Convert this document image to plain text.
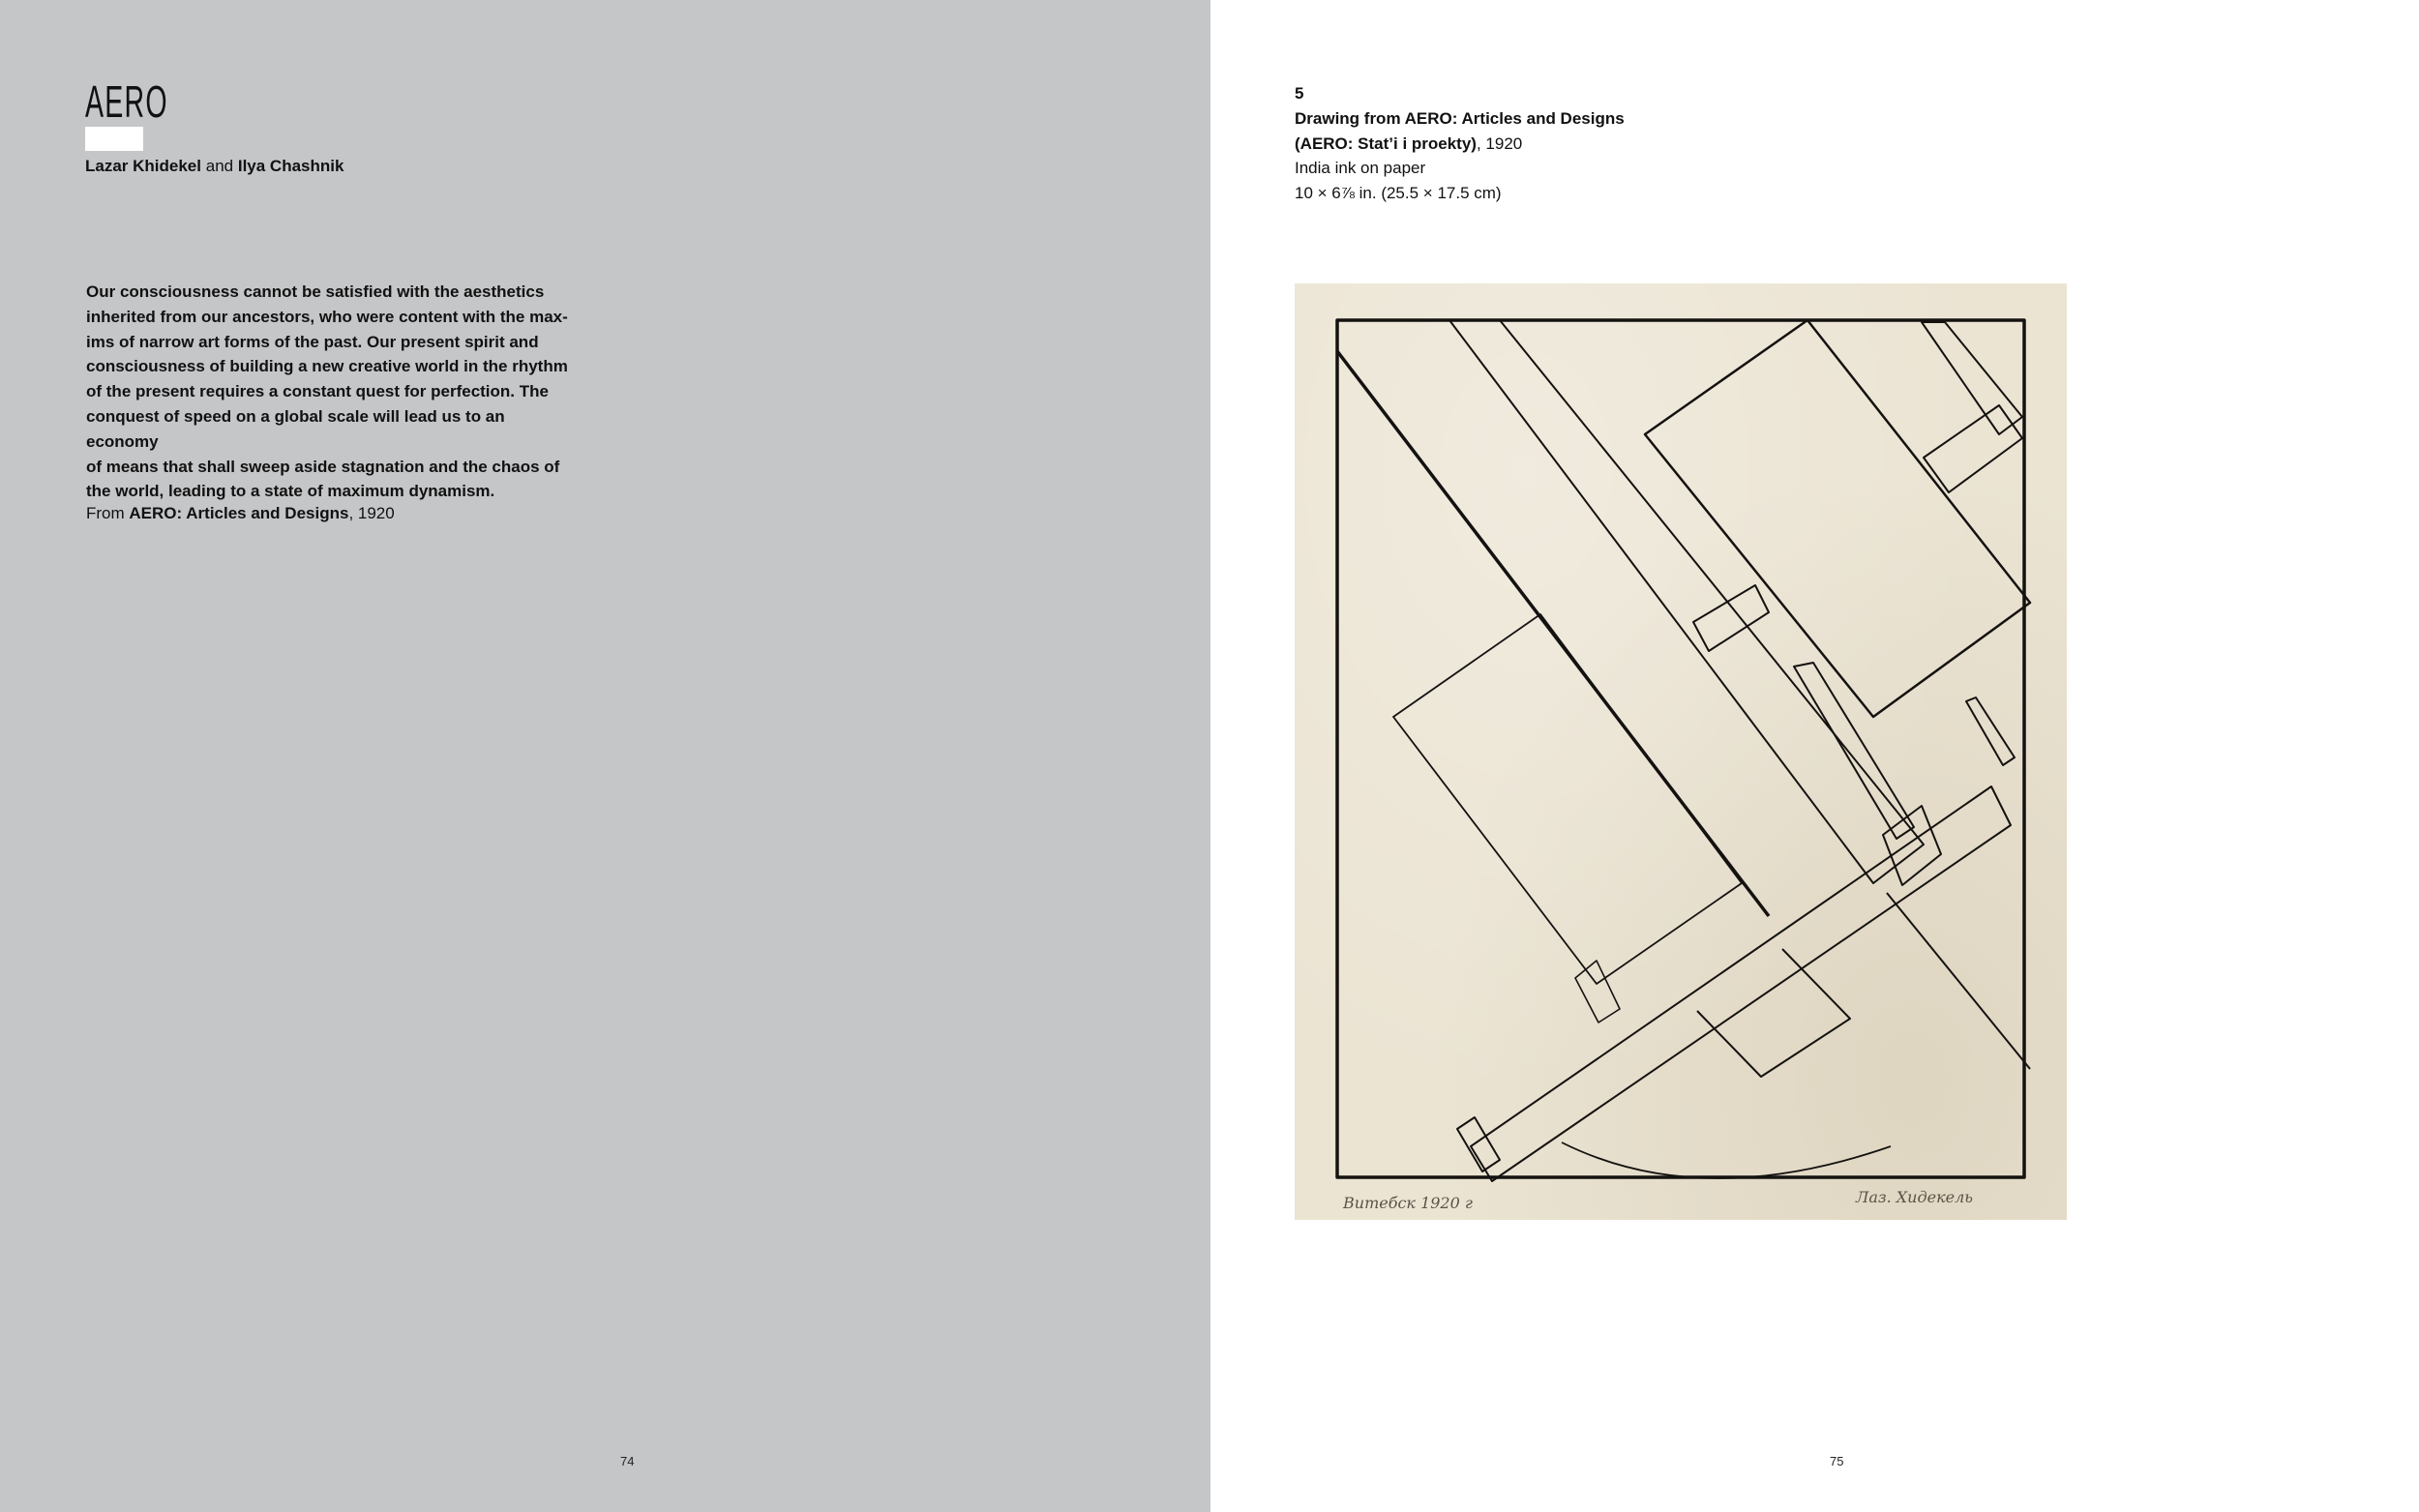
AERO
Lazar Khidekel and Ilya Chashnik
Our consciousness cannot be satisfied with the aesthetics
inherited from our ancestors, who were content with the max-
ims of narrow art forms of the past. Our present spirit and
consciousness of building a new creative world in the rhythm
of the present requires a constant quest for perfection. The
conquest of speed on a global scale will lead us to an economy
of means that shall sweep aside stagnation and the chaos of
the world, leading to a state of maximum dynamism.
From AERO: Articles and Designs, 1920
74
5
Drawing from AERO: Articles and Designs
(AERO: Stat’i i proekty), 1920
India ink on paper
10 × 6⅞ in. (25.5 × 17.5 cm)
Витебск 1920 г	Лаз. Хидекель
75
